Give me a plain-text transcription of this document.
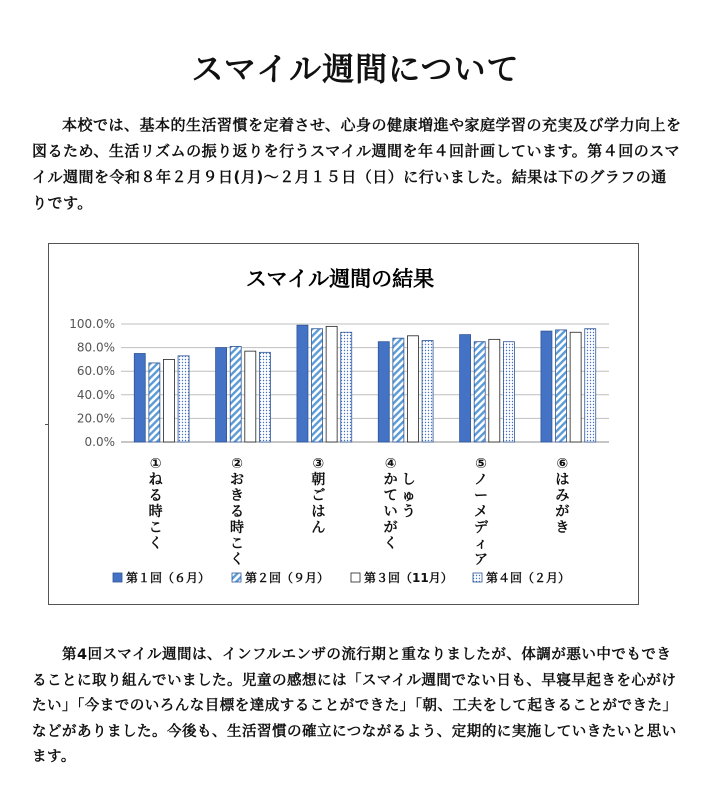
スマイル週間について
本校では、基本的生活習慣を定着させ、心身の健康増進や家庭学習の充実及び学力向上を図るため、生活リズムの振り返りを行うスマイル週間を年４回計画しています。第４回のスマイル週間を令和８年２月９日(月)～２月１５日（日）に行いました。結果は下のグラフの通りです。
スマイル週間の結果
0.0%
20.0%
40.0%
60.0%
80.0%
100.0%
①
ね
る
時
こ
く
②
お
き
る
時
こ
く
③
朝
ご
は
ん
④
か
て
い
が
く
し
ゅ
う
⑤
ノ
ー
メ
デ
ィ
ア
⑥
は
み
が
き
第１回（６月）	第２回（９月）	第３回（11月）	第４回（２月）
第4回スマイル週間は、インフルエンザの流行期と重なりましたが、体調が悪い中でもできることに取り組んでいました。児童の感想には「スマイル週間でない日も、早寝早起きを心がけたい」「今までのいろんな目標を達成することができた」「朝、工夫をして起きることができた」などがありました。今後も、生活習慣の確立につながるよう、定期的に実施していきたいと思います。
